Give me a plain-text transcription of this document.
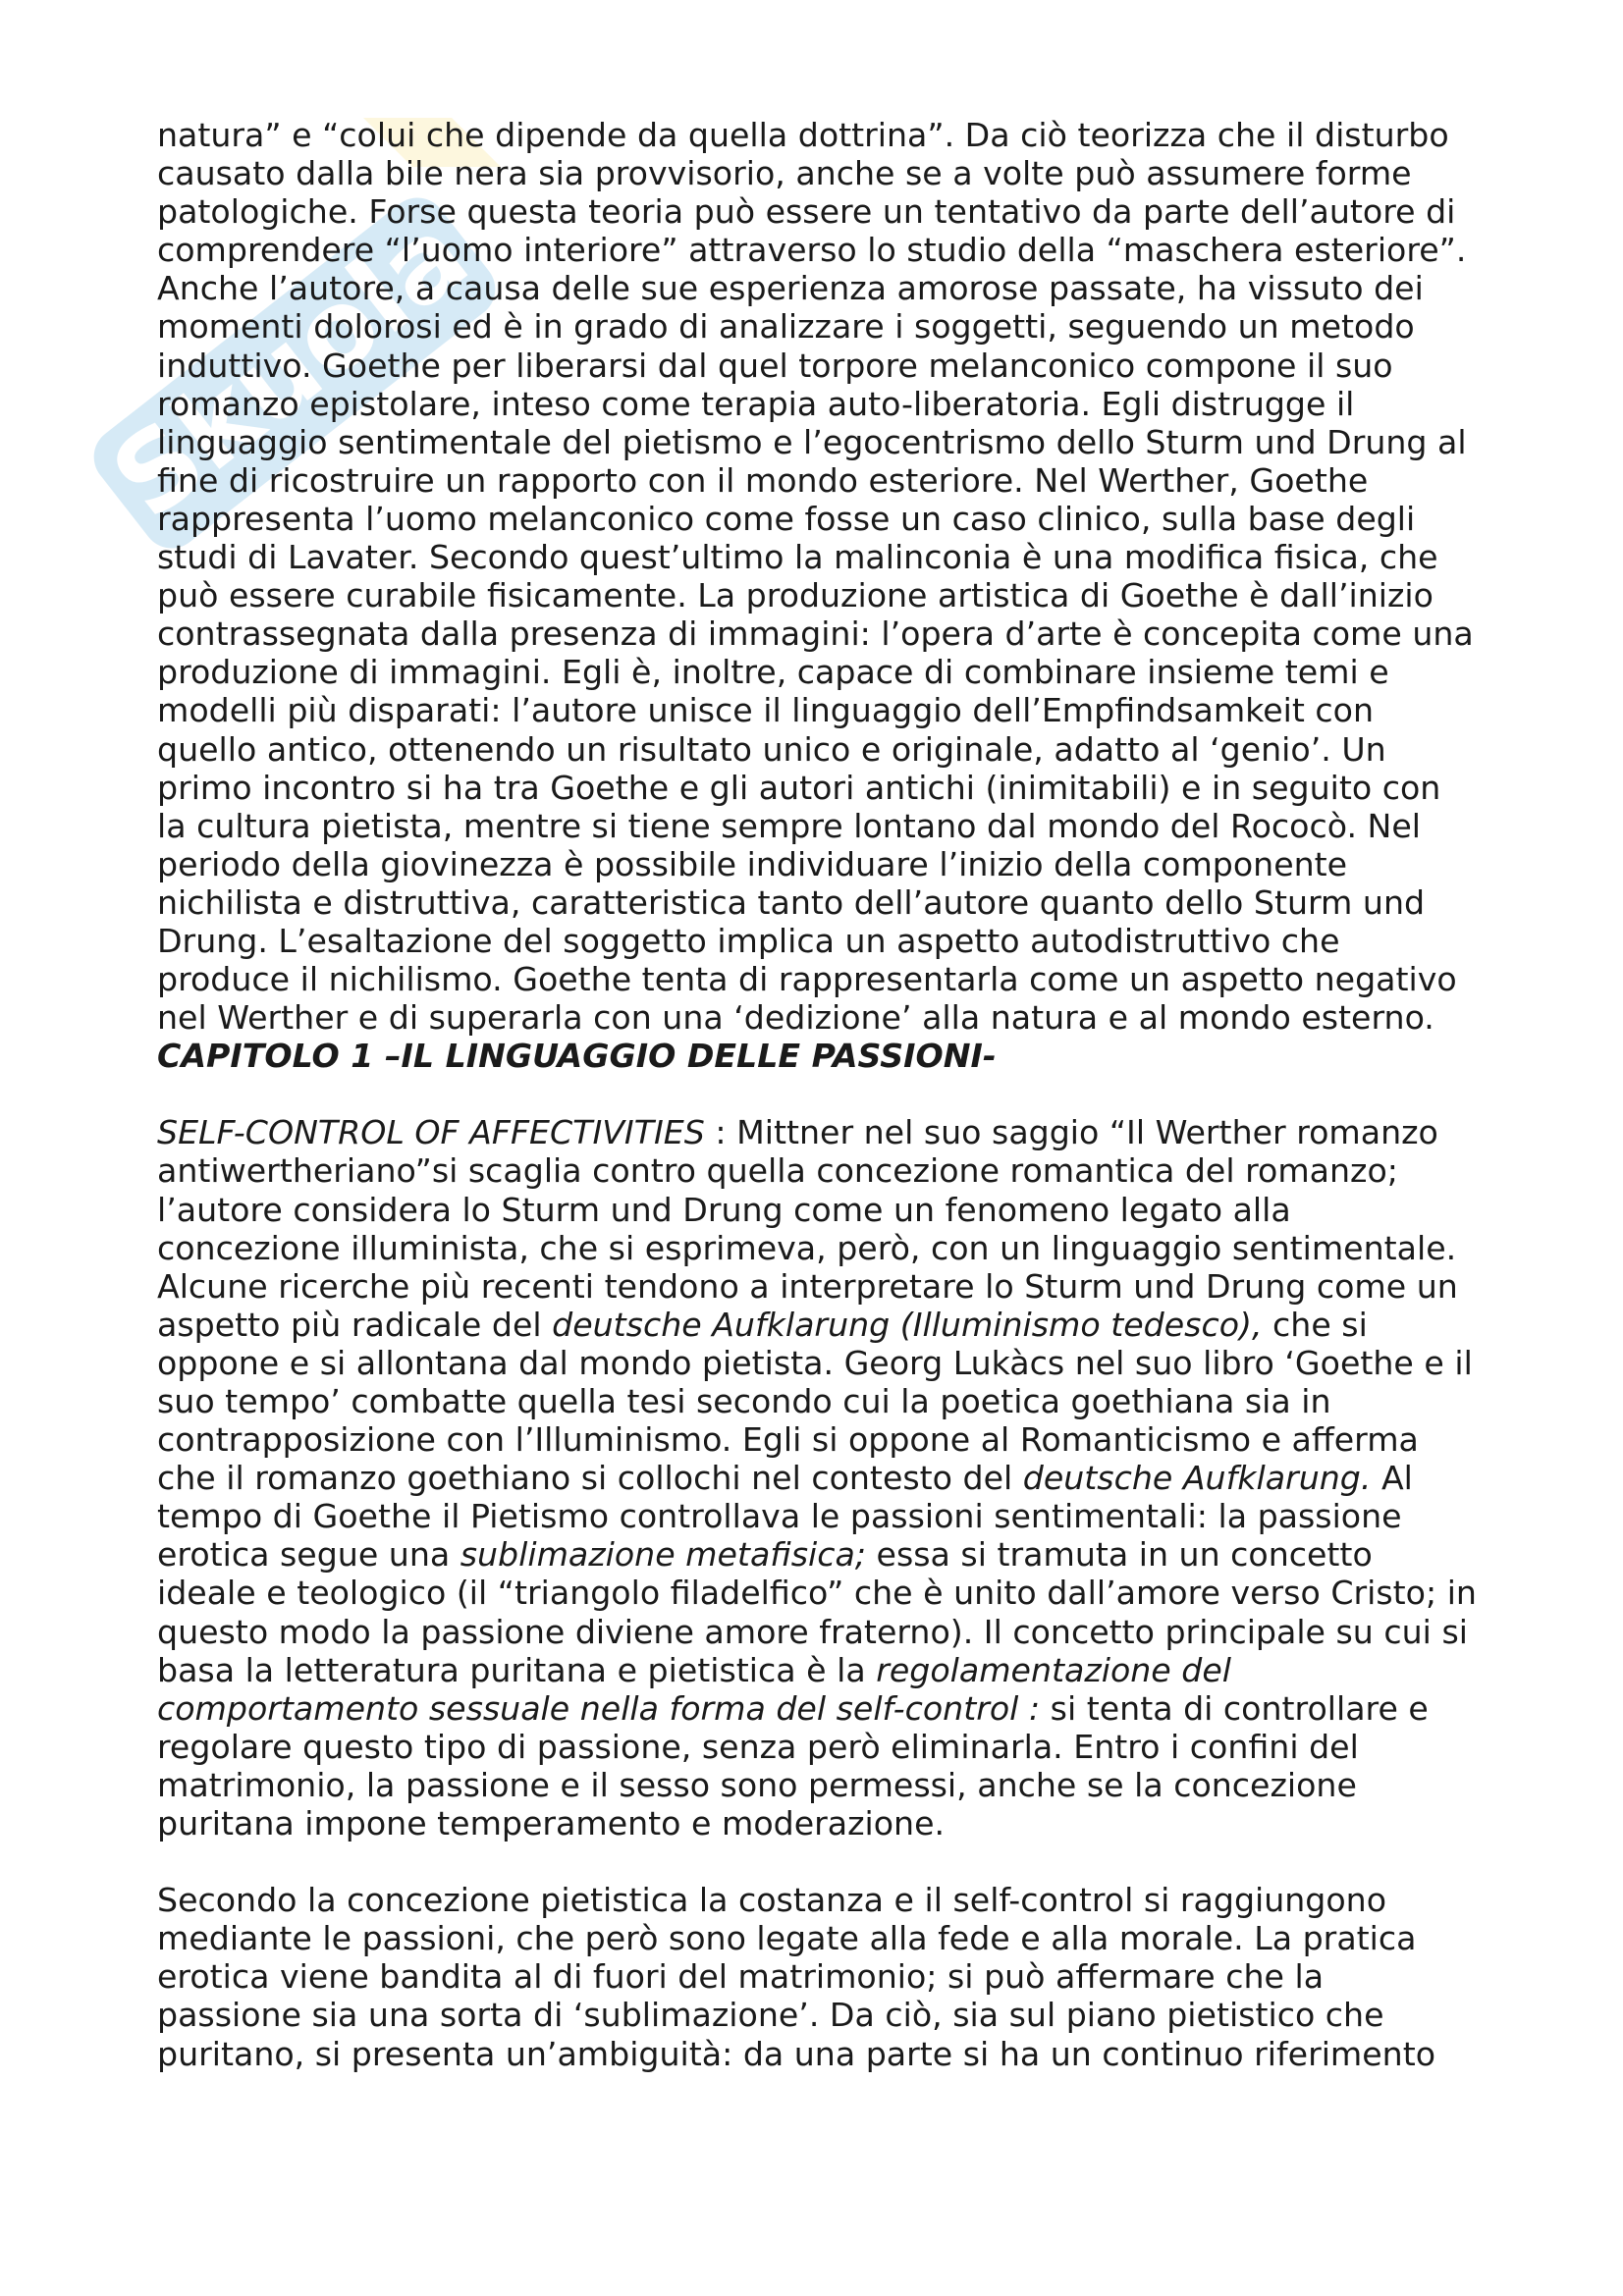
Skuola

natura” e “colui che dipende da quella dottrina”. Da ciò teorizza che il disturbo causato dalla bile nera sia provvisorio, anche se a volte può assumere forme patologiche. Forse questa teoria può essere un tentativo da parte dell’autore di comprendere “l’uomo interiore” attraverso lo studio della “maschera esteriore”. Anche l’autore, a causa delle sue esperienza amorose passate, ha vissuto dei momenti dolorosi ed è in grado di analizzare i soggetti, seguendo un metodo induttivo. Goethe per liberarsi dal quel torpore melanconico compone il suo romanzo epistolare, inteso come terapia auto-liberatoria. Egli distrugge il linguaggio sentimentale del pietismo e l’egocentrismo dello Sturm und Drung al fine di ricostruire un rapporto con il mondo esteriore. Nel Werther, Goethe rappresenta l’uomo melanconico come fosse un caso clinico, sulla base degli studi di Lavater. Secondo quest’ultimo la malinconia è una modifica fisica, che può essere curabile fisicamente. La produzione artistica di Goethe è dall’inizio contrassegnata dalla presenza di immagini: l’opera d’arte è concepita come una produzione di immagini. Egli è, inoltre, capace di combinare insieme temi e modelli più disparati: l’autore unisce il linguaggio dell’Empfindsamkeit con quello antico, ottenendo un risultato unico e originale, adatto al ‘genio’. Un primo incontro si ha tra Goethe e gli autori antichi (inimitabili) e in seguito con la cultura pietista, mentre si tiene sempre lontano dal mondo del Rococò. Nel periodo della giovinezza è possibile individuare l’inizio della componente nichilista e distruttiva, caratteristica tanto dell’autore quanto dello Sturm und Drung. L’esaltazione del soggetto implica un aspetto autodistruttivo che produce il nichilismo. Goethe tenta di rappresentarla come un aspetto negativo nel Werther e di superarla con una ‘dedizione’ alla natura e al mondo esterno.

CAPITOLO 1 –IL LINGUAGGIO DELLE PASSIONI-

SELF-CONTROL OF AFFECTIVITIES : Mittner nel suo saggio “Il Werther romanzo antiwertheriano”si scaglia contro quella concezione romantica del romanzo; l’autore considera lo Sturm und Drung come un fenomeno legato alla concezione illuminista, che si esprimeva, però, con un linguaggio sentimentale. Alcune ricerche più recenti tendono a interpretare lo Sturm und Drung come un aspetto più radicale del deutsche Aufklarung (Illuminismo tedesco), che si oppone e si allontana dal mondo pietista. Georg Lukàcs nel suo libro ‘Goethe e il suo tempo’ combatte quella tesi secondo cui la poetica goethiana sia in contrapposizione con l’Illuminismo. Egli si oppone al Romanticismo e afferma che il romanzo goethiano si collochi nel contesto del deutsche Aufklarung. Al tempo di Goethe il Pietismo controllava le passioni sentimentali: la passione erotica segue una sublimazione metafisica; essa si tramuta in un concetto ideale e teologico (il “triangolo filadelfico” che è unito dall’amore verso Cristo; in questo modo la passione diviene amore fraterno). Il concetto principale su cui si basa la letteratura puritana e pietistica è la regolamentazione del comportamento sessuale nella forma del self-control : si tenta di controllare e regolare questo tipo di passione, senza però eliminarla. Entro i confini del matrimonio, la passione e il sesso sono permessi, anche se la concezione puritana impone temperamento e moderazione.

Secondo la concezione pietistica la costanza e il self-control si raggiungono mediante le passioni, che però sono legate alla fede e alla morale. La pratica erotica viene bandita al di fuori del matrimonio; si può affermare che la passione sia una sorta di ‘sublimazione’. Da ciò, sia sul piano pietistico che puritano, si presenta un’ambiguità: da una parte si ha un continuo riferimento
